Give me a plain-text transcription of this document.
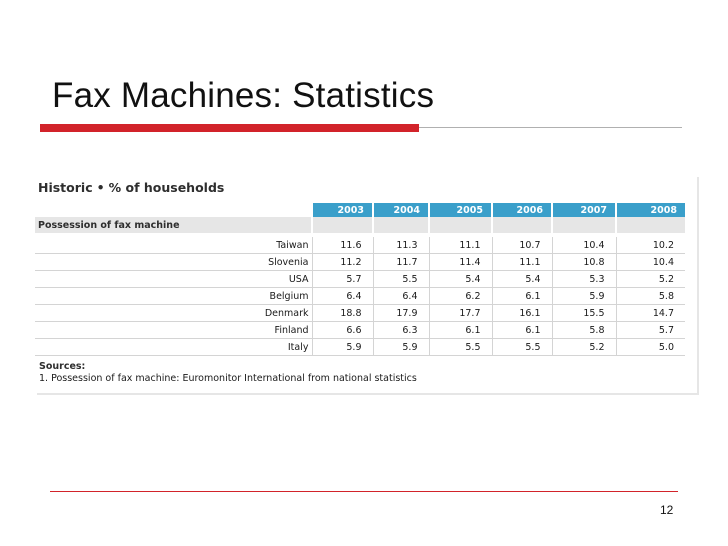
Fax Machines: Statistics

Historic • % of households

	2003	2004	2005	2006	2007	2008
Possession of fax machine						

Taiwan	11.6	11.3	11.1	10.7	10.4	10.2
Slovenia	11.2	11.7	11.4	11.1	10.8	10.4
USA	5.7	5.5	5.4	5.4	5.3	5.2
Belgium	6.4	6.4	6.2	6.1	5.9	5.8
Denmark	18.8	17.9	17.7	16.1	15.5	14.7
Finland	6.6	6.3	6.1	6.1	5.8	5.7
Italy	5.9	5.9	5.5	5.5	5.2	5.0

Sources:

1. Possession of fax machine: Euromonitor International from national statistics

12
